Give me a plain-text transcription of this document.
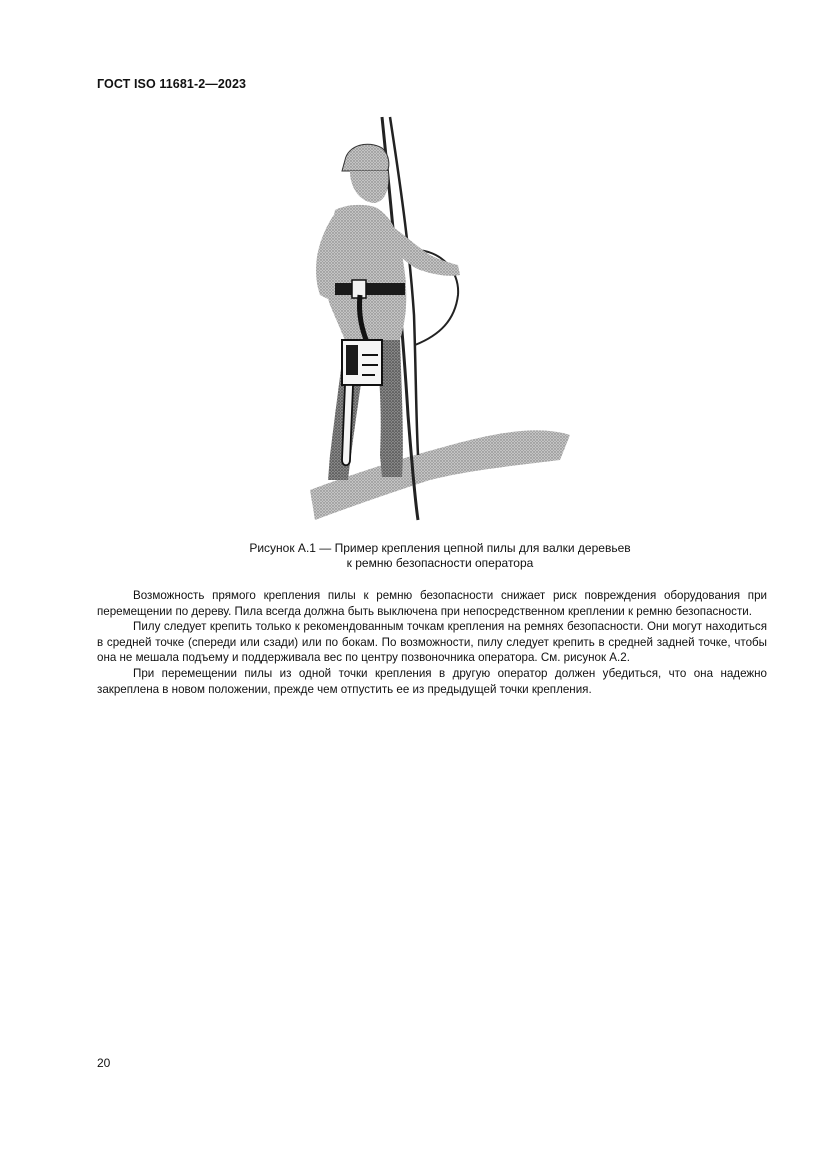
ГОСТ ISO 11681-2—2023
Рисунок А.1 — Пример крепления цепной пилы для валки деревьев
к ремню безопасности оператора

Возможность прямого крепления пилы к ремню безопасности снижает риск повреждения оборудования при перемещении по дереву. Пила всегда должна быть выключена при непосредственном креплении к ремню безопасности.

Пилу следует крепить только к рекомендованным точкам крепления на ремнях безопасности. Они могут находиться в средней точке (спереди или сзади) или по бокам. По возможности, пилу следует крепить в средней задней точке, чтобы она не мешала подъему и поддерживала вес по центру позвоночника оператора. См. рисунок А.2.

При перемещении пилы из одной точки крепления в другую оператор должен убедиться, что она надежно закреплена в новом положении, прежде чем отпустить ее из предыдущей точки крепления.

20
